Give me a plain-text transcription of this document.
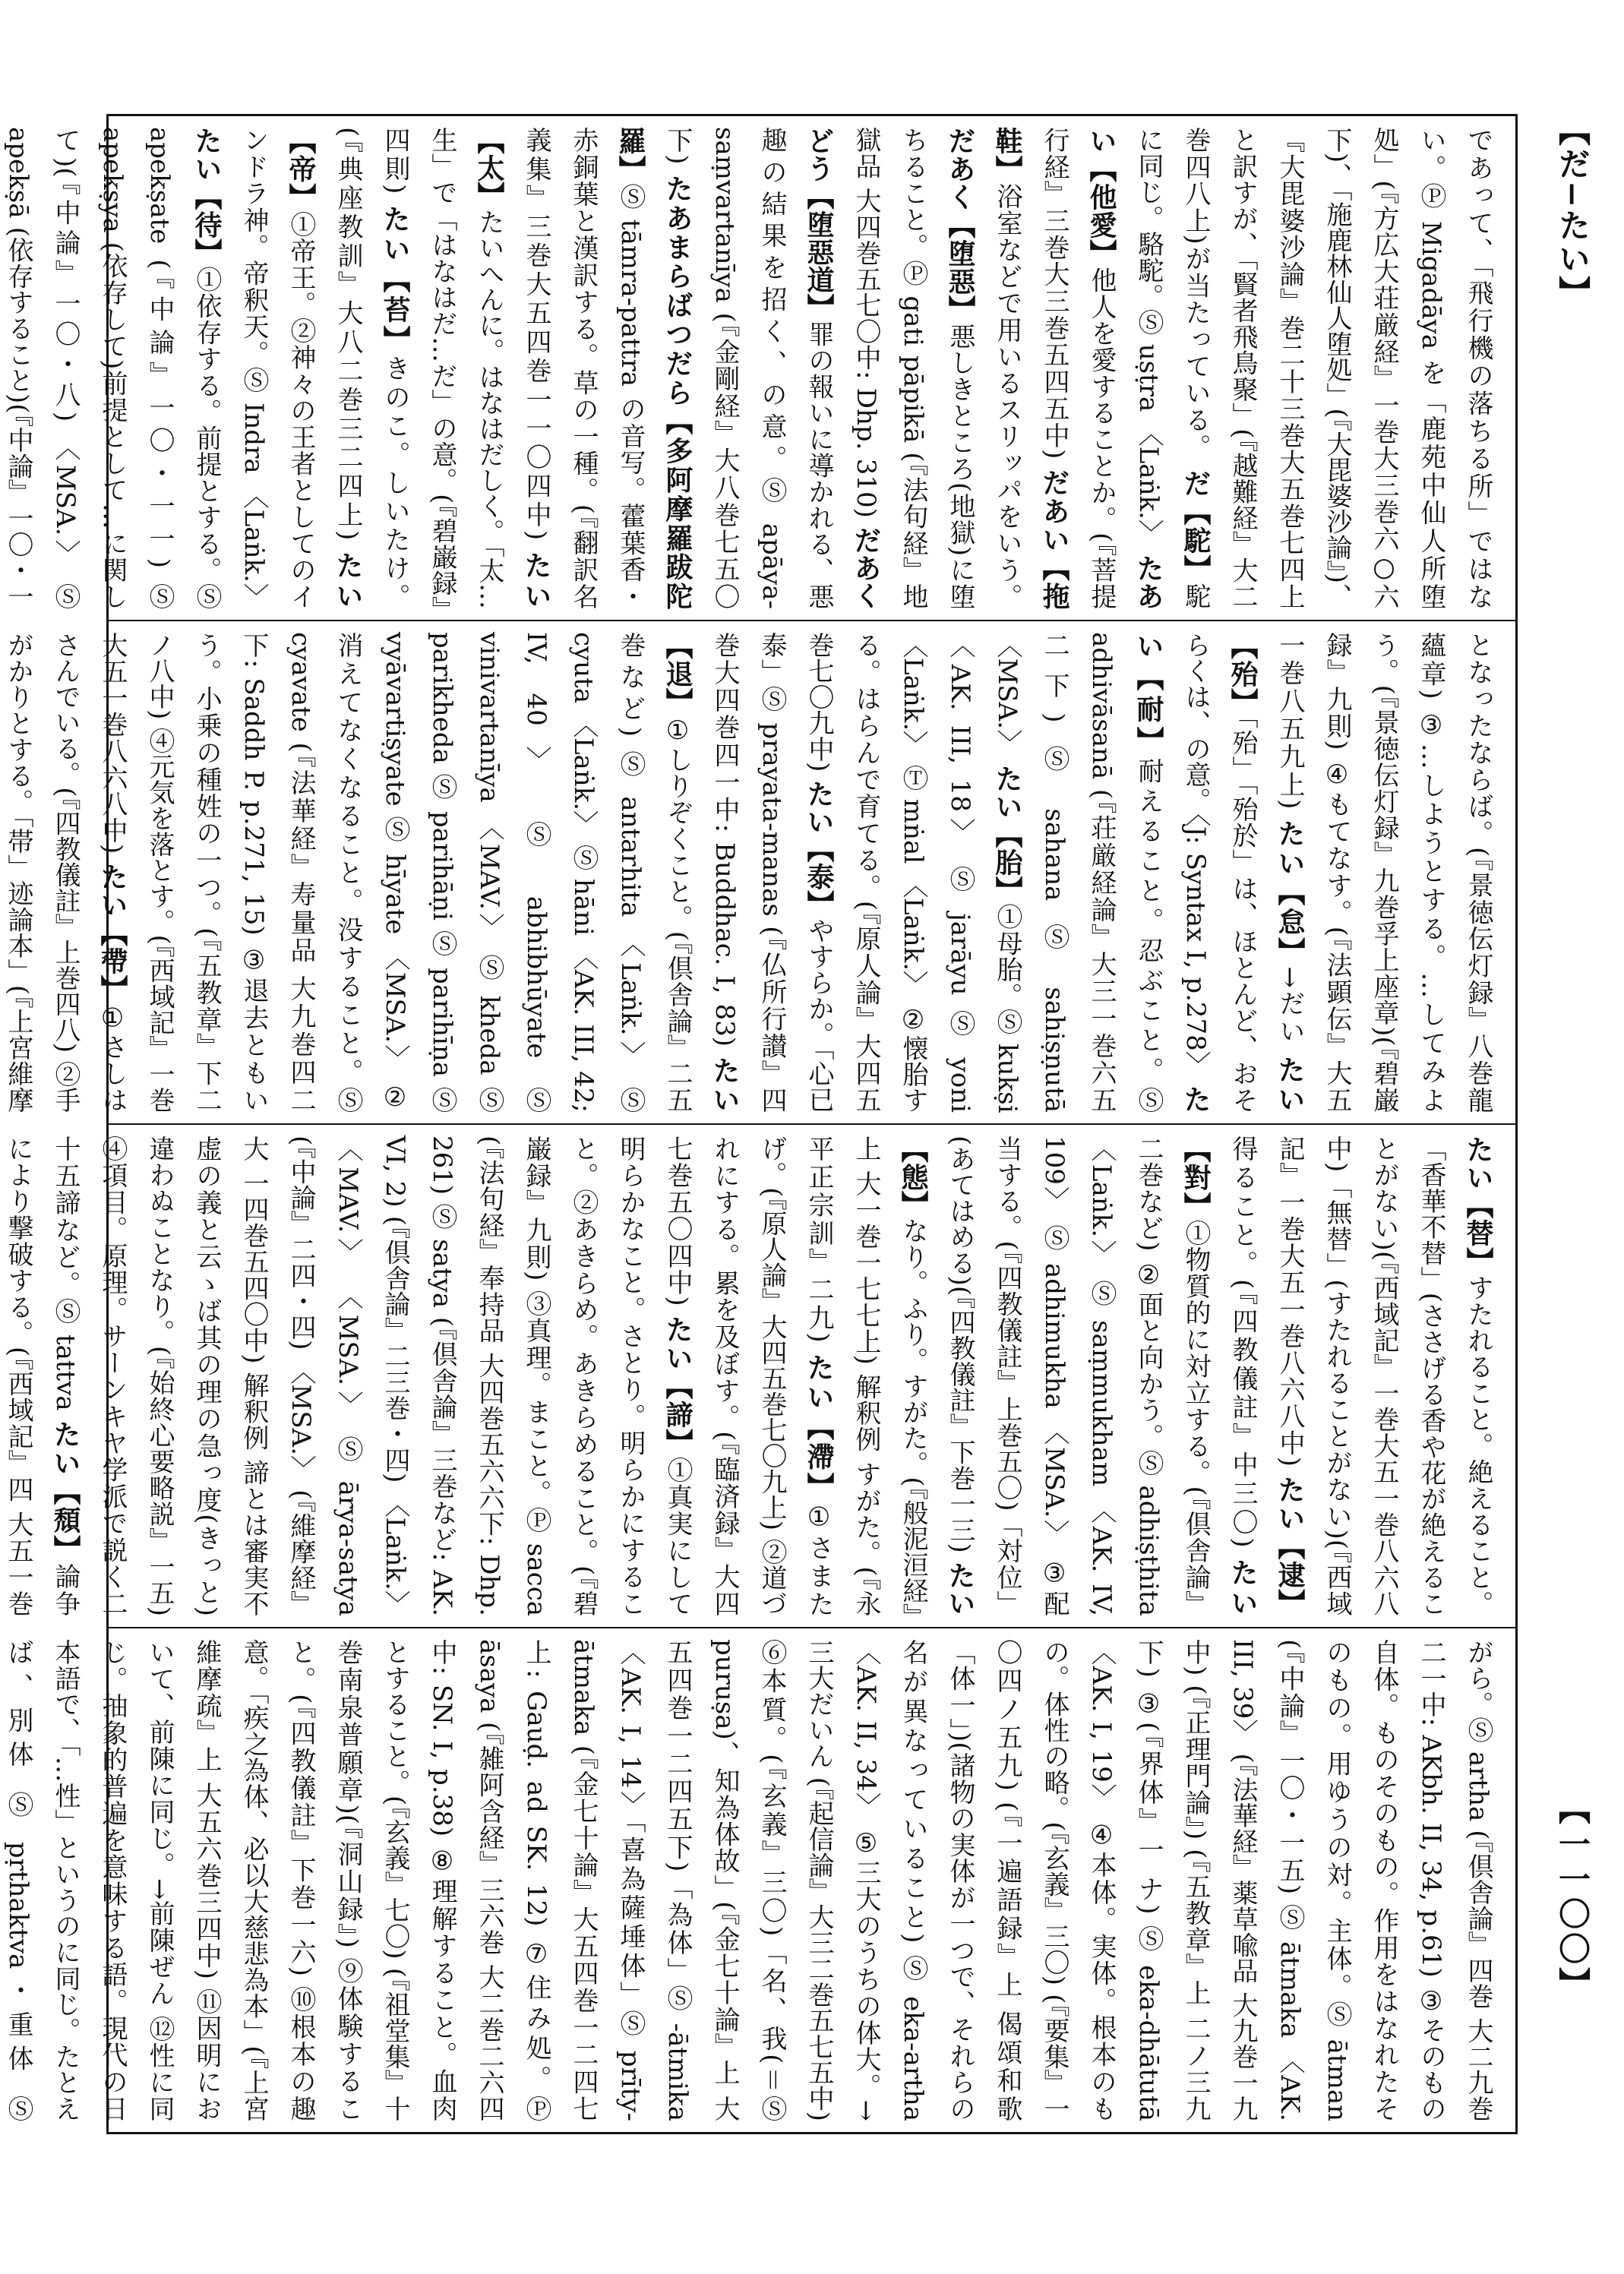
【だ−たい】
【一一〇〇】
であって、「飛行機の落ちる所」ではない。Ⓟ Migadāya を「鹿苑中仙人所堕処」(『方広大荘厳経』一巻大三巻六○六下)、「施鹿林仙人堕処」(『大毘婆沙論』)、『大毘婆沙論』巻二十三巻大五巻七四上 と訳すが、「賢者飛鳥聚」(『越難経』大二巻四八上)が当たっている。 だ【駝】駝に同じ。駱駝。Ⓢ uṣṭra 〈Laṅk.〉 たあい【他愛】他人を愛することか。(『菩提行経』三巻大三巻五四五中) だあい【拖鞋】浴室などで用いるスリッパをいう。 だあく【堕惡】悪しきところ(地獄)に堕ちること。Ⓟ gati pāpikā (『法句経』地獄品 大四巻五七〇中: Dhp. 310) だあくどう【堕惡道】罪の報いに導かれる、悪趣の結果を招く、の意。Ⓢ apāya-saṃvartanīya (『金剛経』大八巻七五〇下) たあまらばつだら【多阿摩羅跋陀羅】Ⓢ tāmra-pattra の音写。藿葉香・赤銅葉と漢訳する。草の一種。(『翻訳名義集』三巻大五四巻一一〇四中) たい【太】たいへんに。はなはだしく。「太…生」で「はなはだ…だ」の意。(『碧巌録』四則) たい【苔】きのこ。しいたけ。(『典座教訓』大八二巻三二四上) たい【帝】①帝王。②神々の王者としてのインドラ神。帝釈天。Ⓢ Indra 〈Laṅk.〉 たい【待】①依存する。前提とする。Ⓢ apekṣate (『中論』一〇・一一) Ⓢ apekṣya (依存して)前提として…に関して)(『中論』一〇・八) 〈MSA.〉 Ⓢ apekṣā (依存すること)(『中論』一〇・一
となったならば。(『景徳伝灯録』八巻龍蘊章) ③…しようとする。…してみよう。(『景徳伝灯録』九巻孚上座章)(『碧巌録』九則) ④もてなす。(『法顕伝』大五一巻八五九上) たい【怠】→だい たい【殆】「殆」「殆於」は、ほとんど、おそらくは、の意。〈J: Syntax I, p.278〉 たい【耐】耐えること。忍ぶこと。Ⓢ adhivāsanā (『荘厳経論』大三一巻六五二下) Ⓢ sahana Ⓢ sahiṣṇutā 〈MSA.〉 たい【胎】①母胎。Ⓢ kukṣi 〈AK. III, 18〉 Ⓢ jarāyu Ⓢ yoni 〈Laṅk.〉 Ⓣ mṅal 〈Laṅk.〉 ②懐胎する。はらんで育てる。(『原人論』大四五巻七〇九中) たい【泰】やすらか。「心已泰」Ⓢ prayata-manas (『仏所行讃』四巻大四巻四一中: Buddhac. I, 83) たい【退】①しりぞくこと。(『倶舎論』二五巻など) Ⓢ antarhita 〈Laṅk.〉 Ⓢ cyuta 〈Laṅk.〉 Ⓢ hāni 〈AK. III, 42; IV, 40〉 Ⓢ abhibhūyate Ⓢ vinivartanīya 〈MAV.〉 Ⓢ kheda Ⓢ parikheda Ⓢ parihāṇi Ⓢ parihīṇa Ⓢ vyāvartiṣyate Ⓢ hīyate 〈MSA.〉 ②消えてなくなること。没すること。Ⓢ cyavate (『法華経』寿量品 大九巻四二下: Saddh P. p.271, 15) ③退去ともいう。小乗の種姓の一つ。(『五教章』下二ノ八中) ④元気を落とす。(『西域記』一巻大五一巻八六八中) たい【帶】①さしはさんでいる。(『四教儀註』上巻四八) ②手がかりとする。「帯」迹論本」(『上宮維摩
たい【替】すたれること。絶えること。「香華不替」(ささげる香や花が絶えることがない)(『西域記』一巻大五一巻八六八中)「無替」(すたれることがない)(『西域記』一巻大五一巻八六八中) たい【逮】得ること。(『四教儀註』中三〇) たい【對】①物質的に対立する。(『倶舎論』二巻など) ②面と向かう。Ⓢ adhiṣṭhita 〈Laṅk.〉 Ⓢ saṃmukham 〈AK. IV, 109〉 Ⓢ adhimukha 〈MSA.〉 ③配当する。(『四教儀註』上巻五〇)「対位」(あてはめる)(『四教儀註』下巻一三) たい【態】なり。ふり。すがた。(『般泥洹経』上 大一巻一七七上) 解釈例 すがた。(『永平正宗訓』二九) たい【滯】①さまたげ。(『原人論』大四五巻七〇九上) ②道づれにする。累を及ぼす。(『臨済録』大四七巻五〇四中) たい【諦】①真実にして明らかなこと。さとり。明らかにすること。②あきらめ。あきらめること。(『碧巌録』九則) ③真理。まこと。Ⓟ sacca (『法句経』奉持品 大四巻五六六下: Dhp. 261) Ⓢ satya (『倶舎論』三巻など: AK. VI, 2) (『倶舎論』二三巻・四) 〈Laṅk.〉 〈MAV.〉 〈MSA.〉 Ⓢ ārya-satya (『中論』二四・四) 〈MSA.〉 (『維摩経』大 一四巻五四〇中) 解釈例 諦とは審実不虚の義と云ゝば其の理の急っ度(きっと)違わぬことなり。(『始終心要略説』一五) ④項目。原理。サーンキヤ学派で説く二十五諦など。Ⓢ tattva たい【頹】論争により撃破する。(『西域記』四 大五一巻
がら。Ⓢ artha (『倶舎論』四巻 大二九巻二一中: AKbh. II, 34, p.61) ③そのもの自体。ものそのもの。作用をはなれたそのもの。用ゆうの対。主体。Ⓢ ātman (『中論』一〇・一五) Ⓢ ātmaka 〈AK. III, 39〉 (『法華経』薬草喩品 大九巻一九中) (『正理門論』) (『五教章』上 二ノ三九下) ③(『界体』一 ナ) Ⓢ eka-dhātutā 〈AK. I, 19〉 ④本体。実体。根本のもの。体性の略。(『玄義』三〇) (『要集』一〇四ノ五九) (『一遍語録』上 偈頌和歌「体一」)(諸物の実体が一つで、それらの名が異なっていること) Ⓢ eka-artha 〈AK. II, 34〉 ⑤三大のうちの体大。→三大だいん (『起信論』大三二巻五七五中) ⑥本質。(『玄義』三〇)「名、我(＝Ⓢ puruṣa)、知為体故」(『金七十論』上 大五四巻一二四五下)「為体」Ⓢ -ātmika 〈AK. I, 14〉「喜為薩埵体」Ⓢ prīty-ātmaka (『金七十論』大五四巻一二四七上: Gauḍ. ad SK. 12) ⑦住み処。Ⓟ āsaya (『雑阿含経』三六巻 大二巻二六四中: SN. I, p.38) ⑧理解すること。血肉とすること。(『玄義』七〇) (『祖堂集』十巻南泉普願章)(『洞山録』) ⑨体験すること。(『四教儀註』下巻一六) ⑩根本の趣意。「疾之為体、必以大慈悲為本」(『上宮維摩疏』上 大五六巻三四中) ⑪因明において、前陳に同じ。→前陳ぜん ⑫性に同じ。抽象的普遍を意味する語。現代の日本語で、「…性」というのに同じ。たとえば、別体 Ⓢ pṛthaktva・重体 Ⓢ
